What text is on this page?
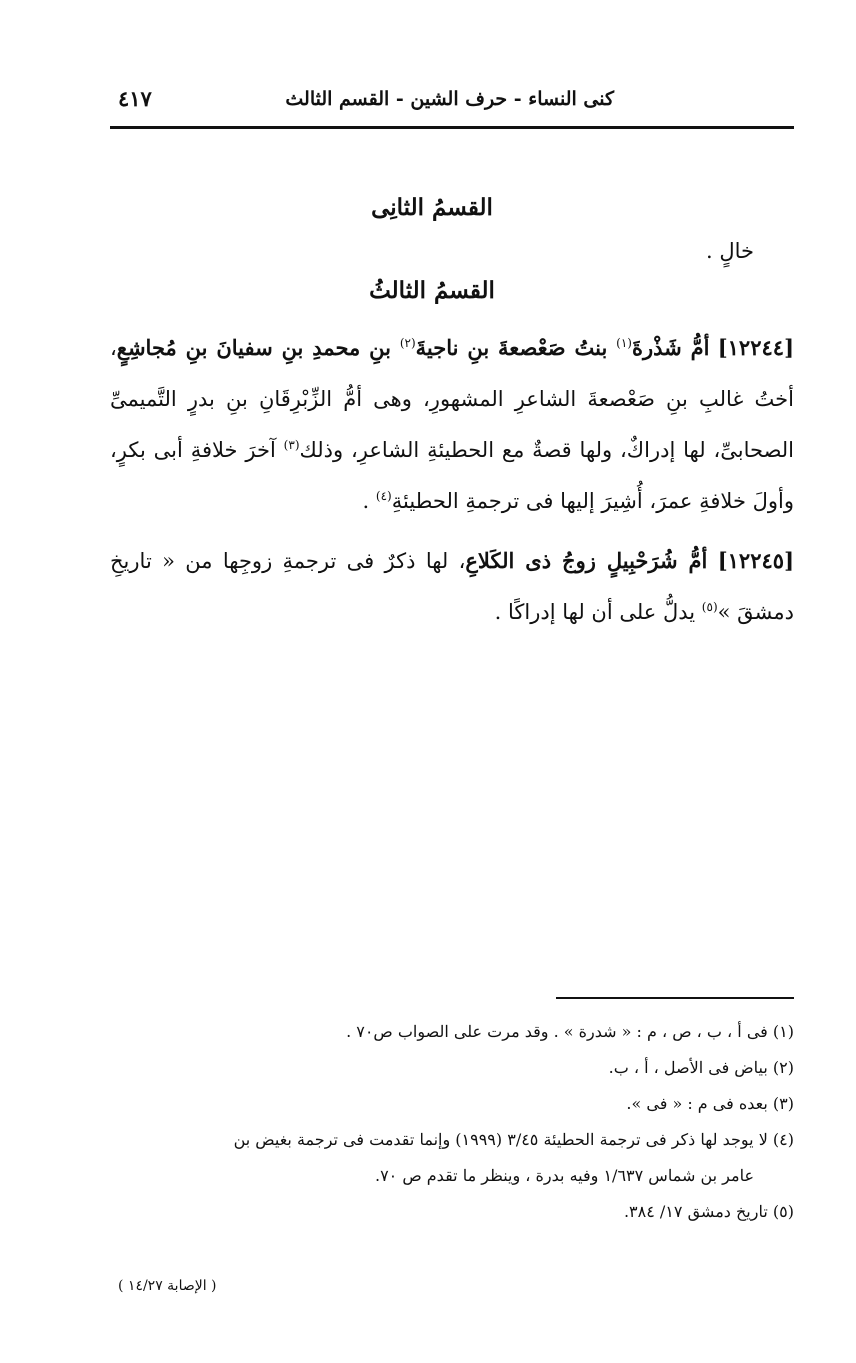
كنى النساء - حرف الشين - القسم الثالث
٤١٧
القسمُ الثانِى
خالٍ .
القسمُ الثالثُ

[١٢٢٤٤] أمُّ شَذْرةَ$^{(١)}$ بنتُ صَعْصعةَ بنِ ناجيةَ$^{(٢)}$ بنِ محمدِ بنِ سفيانَ بنِ مُجاشِعٍ، أختُ غالبِ بنِ صَعْصعةَ الشاعرِ المشهورِ، وهى أمُّ الزِّبْرِقَانِ بنِ بدرٍ التَّميمىِّ الصحابىِّ، لها إدراكٌ، ولها قصةٌ مع الحطيئةِ الشاعرِ، وذلك$^{(٣)}$ آخرَ خلافةِ أبى بكرٍ، وأولَ خلافةِ عمرَ، أُشِيرَ إليها فى ترجمةِ الحطيئةِ$^{(٤)}$ .

[١٢٢٤٥] أمُّ شُرَحْبِيلٍ زوجُ ذى الكَلاعِ، لها ذكرٌ فى ترجمةِ زوجِها من « تاريخِ دمشقَ »$^{(٥)}$ يدلُّ على أن لها إدراكًا .

(١) فى أ ، ب ، ص ، م : « شدرة » . وقد مرت على الصواب ص٧٠ .

(٢) بياض فى الأصل ، أ ، ب.

(٣) بعده فى م : « فى ».

(٤) لا يوجد لها ذكر فى ترجمة الحطيئة ٣/٤٥ (١٩٩٩) وإنما تقدمت فى ترجمة بغيض بن
عامر بن شماس ١/٦٣٧ وفيه بدرة ، وينظر ما تقدم ص ٧٠.

(٥) تاريخ دمشق ١٧/ ٣٨٤.

( الإصابة ١٤/٢٧ )
